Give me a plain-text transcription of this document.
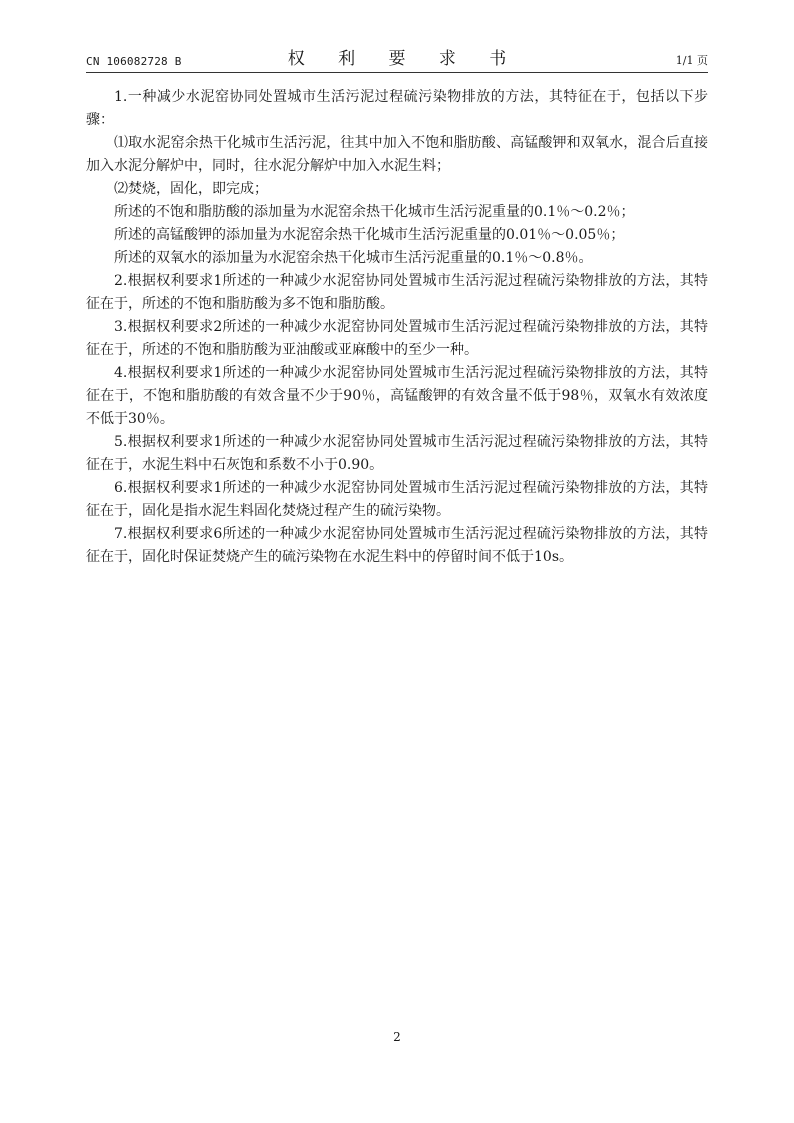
CN 106082728 B	权 利 要 求 书	1/1 页

1.一种减少水泥窑协同处置城市生活污泥过程硫污染物排放的方法，其特征在于，包括以下步骤：

⑴取水泥窑余热干化城市生活污泥，往其中加入不饱和脂肪酸、高锰酸钾和双氧水，混合后直接加入水泥分解炉中，同时，往水泥分解炉中加入水泥生料；

⑵焚烧，固化，即完成；

所述的不饱和脂肪酸的添加量为水泥窑余热干化城市生活污泥重量的0.1％～0.2％；

所述的高锰酸钾的添加量为水泥窑余热干化城市生活污泥重量的0.01％～0.05％；

所述的双氧水的添加量为水泥窑余热干化城市生活污泥重量的0.1％～0.8％。

2.根据权利要求1所述的一种减少水泥窑协同处置城市生活污泥过程硫污染物排放的方法，其特征在于，所述的不饱和脂肪酸为多不饱和脂肪酸。

3.根据权利要求2所述的一种减少水泥窑协同处置城市生活污泥过程硫污染物排放的方法，其特征在于，所述的不饱和脂肪酸为亚油酸或亚麻酸中的至少一种。

4.根据权利要求1所述的一种减少水泥窑协同处置城市生活污泥过程硫污染物排放的方法，其特征在于，不饱和脂肪酸的有效含量不少于90％，高锰酸钾的有效含量不低于98％，双氧水有效浓度不低于30％。

5.根据权利要求1所述的一种减少水泥窑协同处置城市生活污泥过程硫污染物排放的方法，其特征在于，水泥生料中石灰饱和系数不小于0.90。

6.根据权利要求1所述的一种减少水泥窑协同处置城市生活污泥过程硫污染物排放的方法，其特征在于，固化是指水泥生料固化焚烧过程产生的硫污染物。

7.根据权利要求6所述的一种减少水泥窑协同处置城市生活污泥过程硫污染物排放的方法，其特征在于，固化时保证焚烧产生的硫污染物在水泥生料中的停留时间不低于10s。

2
